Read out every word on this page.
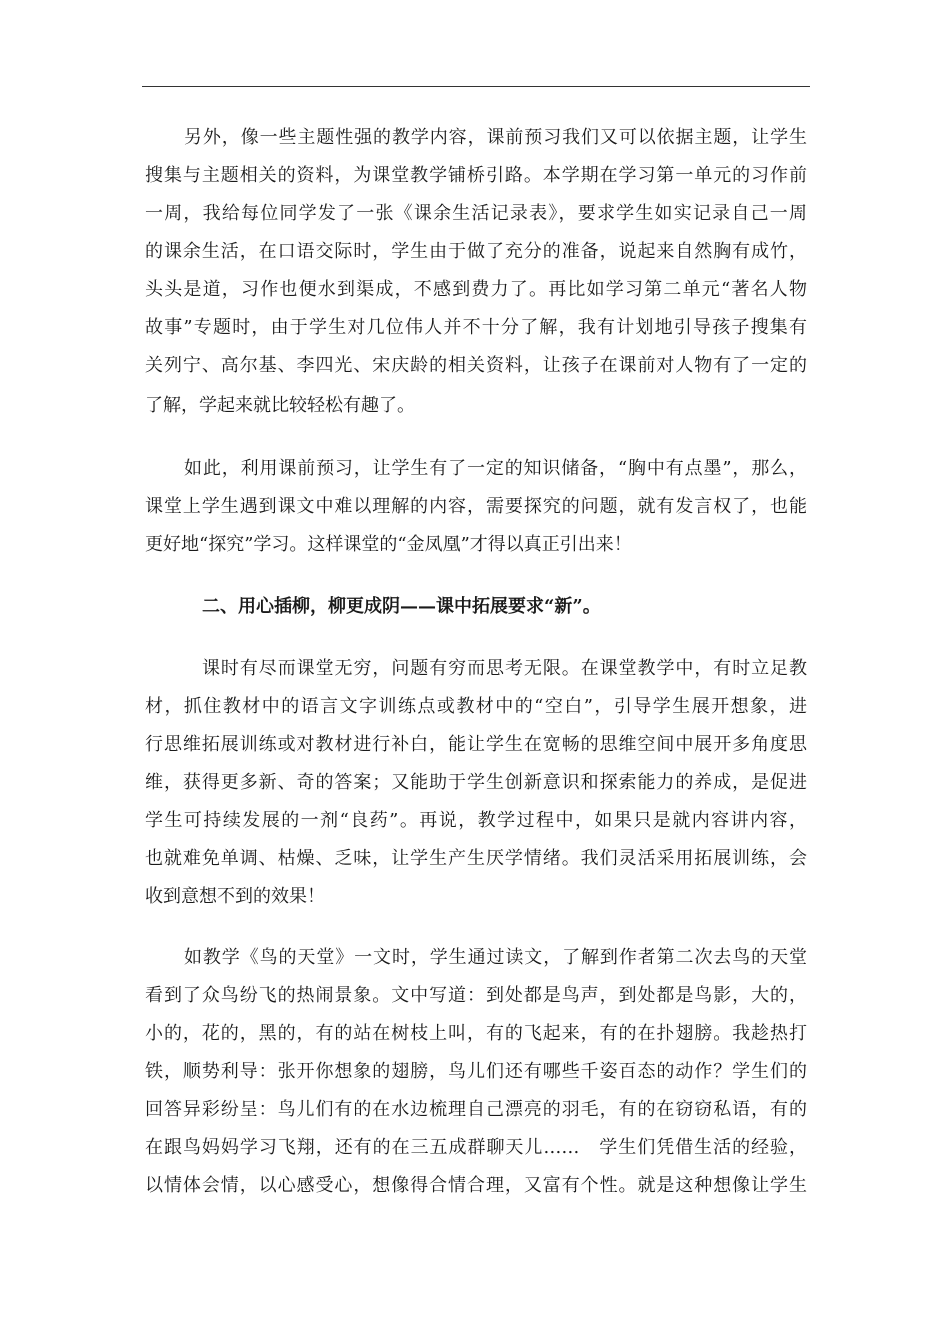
另外，像一些主题性强的教学内容，课前预习我们又可以依据主题，让学生
搜集与主题相关的资料，为课堂教学铺桥引路。本学期在学习第一单元的习作前
一周，我给每位同学发了一张《课余生活记录表》，要求学生如实记录自己一周
的课余生活，在口语交际时，学生由于做了充分的准备，说起来自然胸有成竹，
头头是道，习作也便水到渠成，不感到费力了。再比如学习第二单元“著名人物
故事”专题时，由于学生对几位伟人并不十分了解，我有计划地引导孩子搜集有
关列宁、高尔基、李四光、宋庆龄的相关资料，让孩子在课前对人物有了一定的
了解，学起来就比较轻松有趣了。
如此，利用课前预习，让学生有了一定的知识储备，“胸中有点墨”，那么，
课堂上学生遇到课文中难以理解的内容，需要探究的问题，就有发言权了，也能
更好地“探究”学习。这样课堂的“金凤凰”才得以真正引出来！
二、用心插柳，柳更成阴——课中拓展要求“新”。
课时有尽而课堂无穷，问题有穷而思考无限。在课堂教学中，有时立足教
材，抓住教材中的语言文字训练点或教材中的“空白”，引导学生展开想象，进
行思维拓展训练或对教材进行补白，能让学生在宽畅的思维空间中展开多角度思
维，获得更多新、奇的答案；又能助于学生创新意识和探索能力的养成，是促进
学生可持续发展的一剂“良药”。再说，教学过程中，如果只是就内容讲内容，
也就难免单调、枯燥、乏味，让学生产生厌学情绪。我们灵活采用拓展训练，会
收到意想不到的效果！
如教学《鸟的天堂》一文时，学生通过读文，了解到作者第二次去鸟的天堂
看到了众鸟纷飞的热闹景象。文中写道：到处都是鸟声，到处都是鸟影，大的，
小的，花的，黑的，有的站在树枝上叫，有的飞起来，有的在扑翅膀。我趁热打
铁，顺势利导：张开你想象的翅膀，鸟儿们还有哪些千姿百态的动作？学生们的
回答异彩纷呈：鸟儿们有的在水边梳理自己漂亮的羽毛，有的在窃窃私语，有的
在跟鸟妈妈学习飞翔，还有的在三五成群聊天儿……　学生们凭借生活的经验，
以情体会情，以心感受心，想像得合情合理，又富有个性。就是这种想像让学生
